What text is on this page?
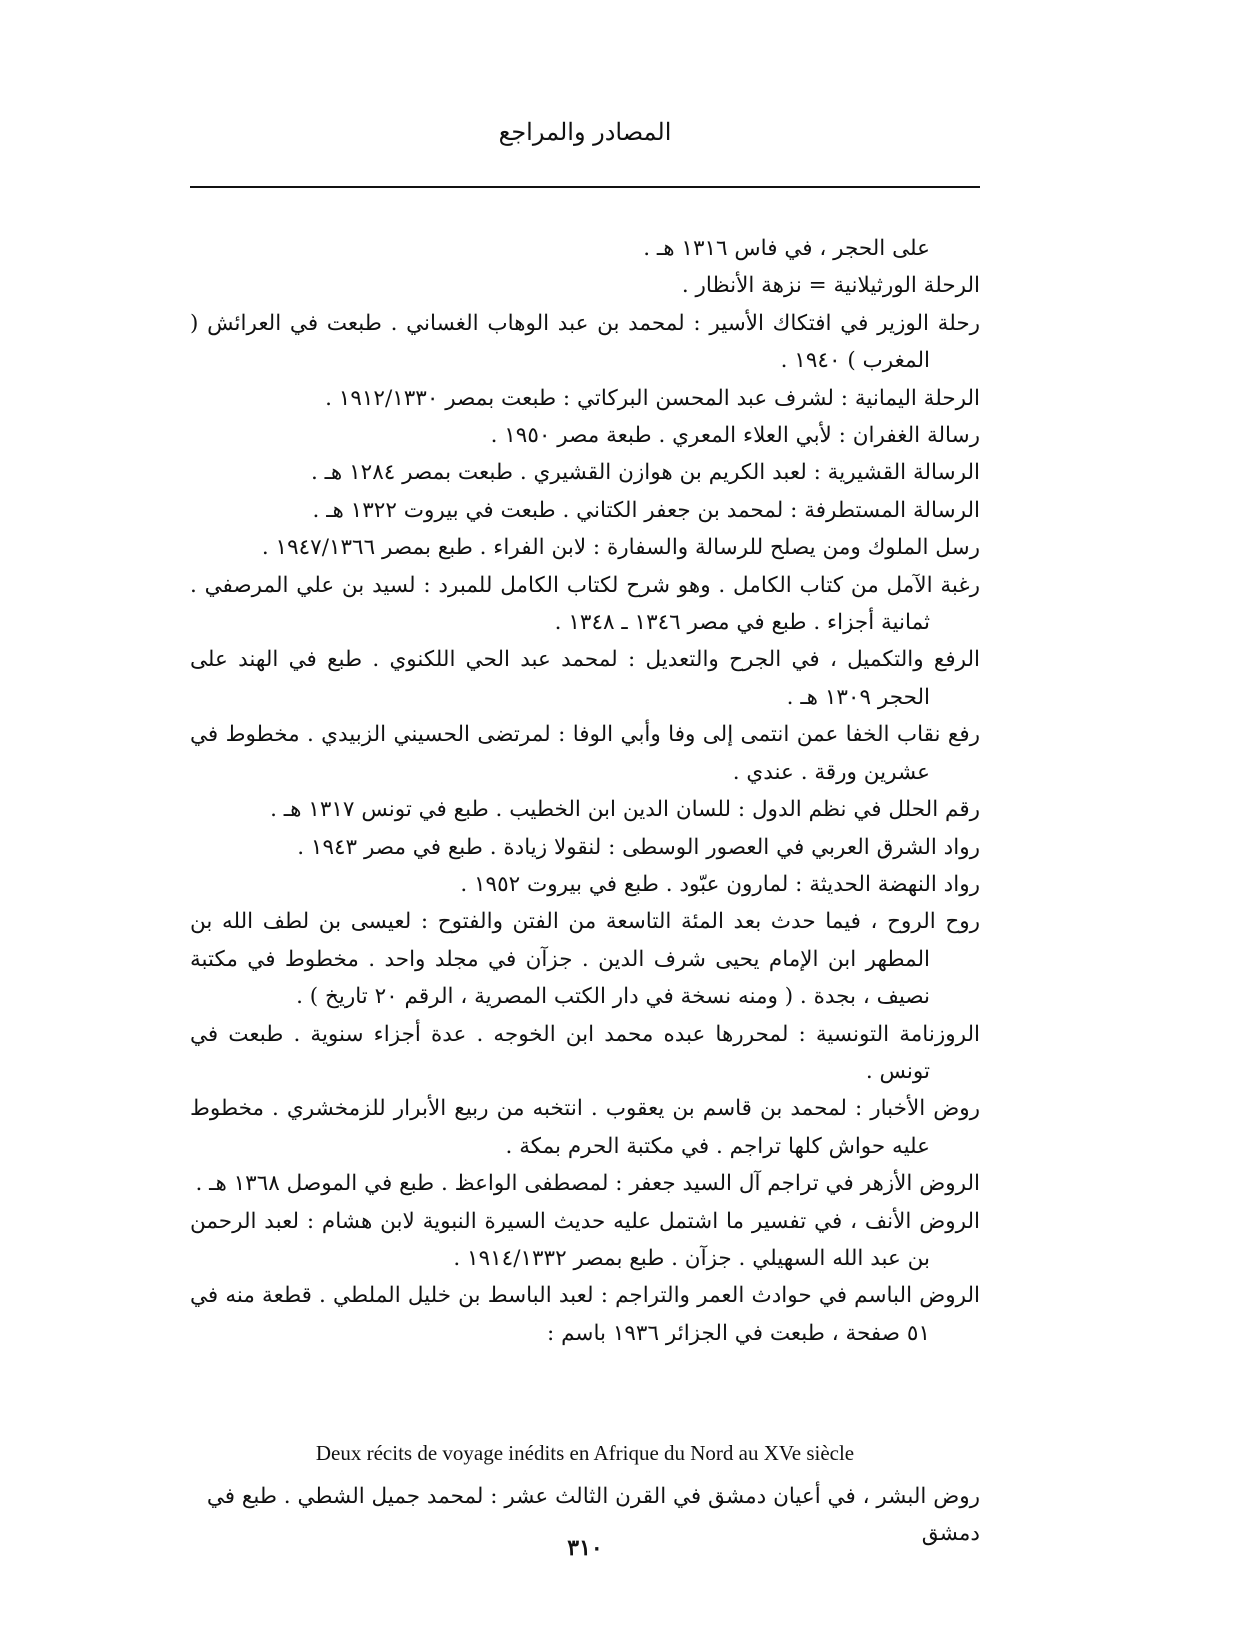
المصادر والمراجع

على الحجر ، في فاس ١٣١٦ هـ .

الرحلة الورثيلانية = نزهة الأنظار .

رحلة الوزير في افتكاك الأسير : لمحمد بن عبد الوهاب الغساني . طبعت في العرائش ( المغرب ) ١٩٤٠ .

الرحلة اليمانية : لشرف عبد المحسن البركاتي : طبعت بمصر ١٩١٢/١٣٣٠ .

رسالة الغفران : لأبي العلاء المعري . طبعة مصر ١٩٥٠ .

الرسالة القشيرية : لعبد الكريم بن هوازن القشيري . طبعت بمصر ١٢٨٤ هـ .

الرسالة المستطرفة : لمحمد بن جعفر الكتاني . طبعت في بيروت ١٣٢٢ هـ .

رسل الملوك ومن يصلح للرسالة والسفارة : لابن الفراء . طبع بمصر ١٩٤٧/١٣٦٦ .

رغبة الآمل من كتاب الكامل . وهو شرح لكتاب الكامل للمبرد : لسيد بن علي المرصفي . ثمانية أجزاء . طبع في مصر ١٣٤٦ ـ ١٣٤٨ .

الرفع والتكميل ، في الجرح والتعديل : لمحمد عبد الحي اللكنوي . طبع في الهند على الحجر ١٣٠٩ هـ .

رفع نقاب الخفا عمن انتمى إلى وفا وأبي الوفا : لمرتضى الحسيني الزبيدي . مخطوط في عشرين ورقة . عندي .

رقم الحلل في نظم الدول : للسان الدين ابن الخطيب . طبع في تونس ١٣١٧ هـ .

رواد الشرق العربي في العصور الوسطى : لنقولا زيادة . طبع في مصر ١٩٤٣ .

رواد النهضة الحديثة : لمارون عبّود . طبع في بيروت ١٩٥٢ .

روح الروح ، فيما حدث بعد المئة التاسعة من الفتن والفتوح : لعيسى بن لطف الله بن المطهر ابن الإمام يحيى شرف الدين . جزآن في مجلد واحد . مخطوط في مكتبة نصيف ، بجدة . ( ومنه نسخة في دار الكتب المصرية ، الرقم ٢٠ تاريخ ) .

الروزنامة التونسية : لمحررها عبده محمد ابن الخوجه . عدة أجزاء سنوية . طبعت في تونس .

روض الأخبار : لمحمد بن قاسم بن يعقوب . انتخبه من ربيع الأبرار للزمخشري . مخطوط عليه حواش كلها تراجم . في مكتبة الحرم بمكة .

الروض الأزهر في تراجم آل السيد جعفر : لمصطفى الواعظ . طبع في الموصل ١٣٦٨ هـ .

الروض الأنف ، في تفسير ما اشتمل عليه حديث السيرة النبوية لابن هشام : لعبد الرحمن بن عبد الله السهيلي . جزآن . طبع بمصر ١٩١٤/١٣٣٢ .

الروض الباسم في حوادث العمر والتراجم : لعبد الباسط بن خليل الملطي . قطعة منه في ٥١ صفحة ، طبعت في الجزائر ١٩٣٦ باسم :

Deux récits de voyage inédits en Afrique du Nord au XVe siècle
روض البشر ، في أعيان دمشق في القرن الثالث عشر : لمحمد جميل الشطي . طبع في دمشق
٣١٠
